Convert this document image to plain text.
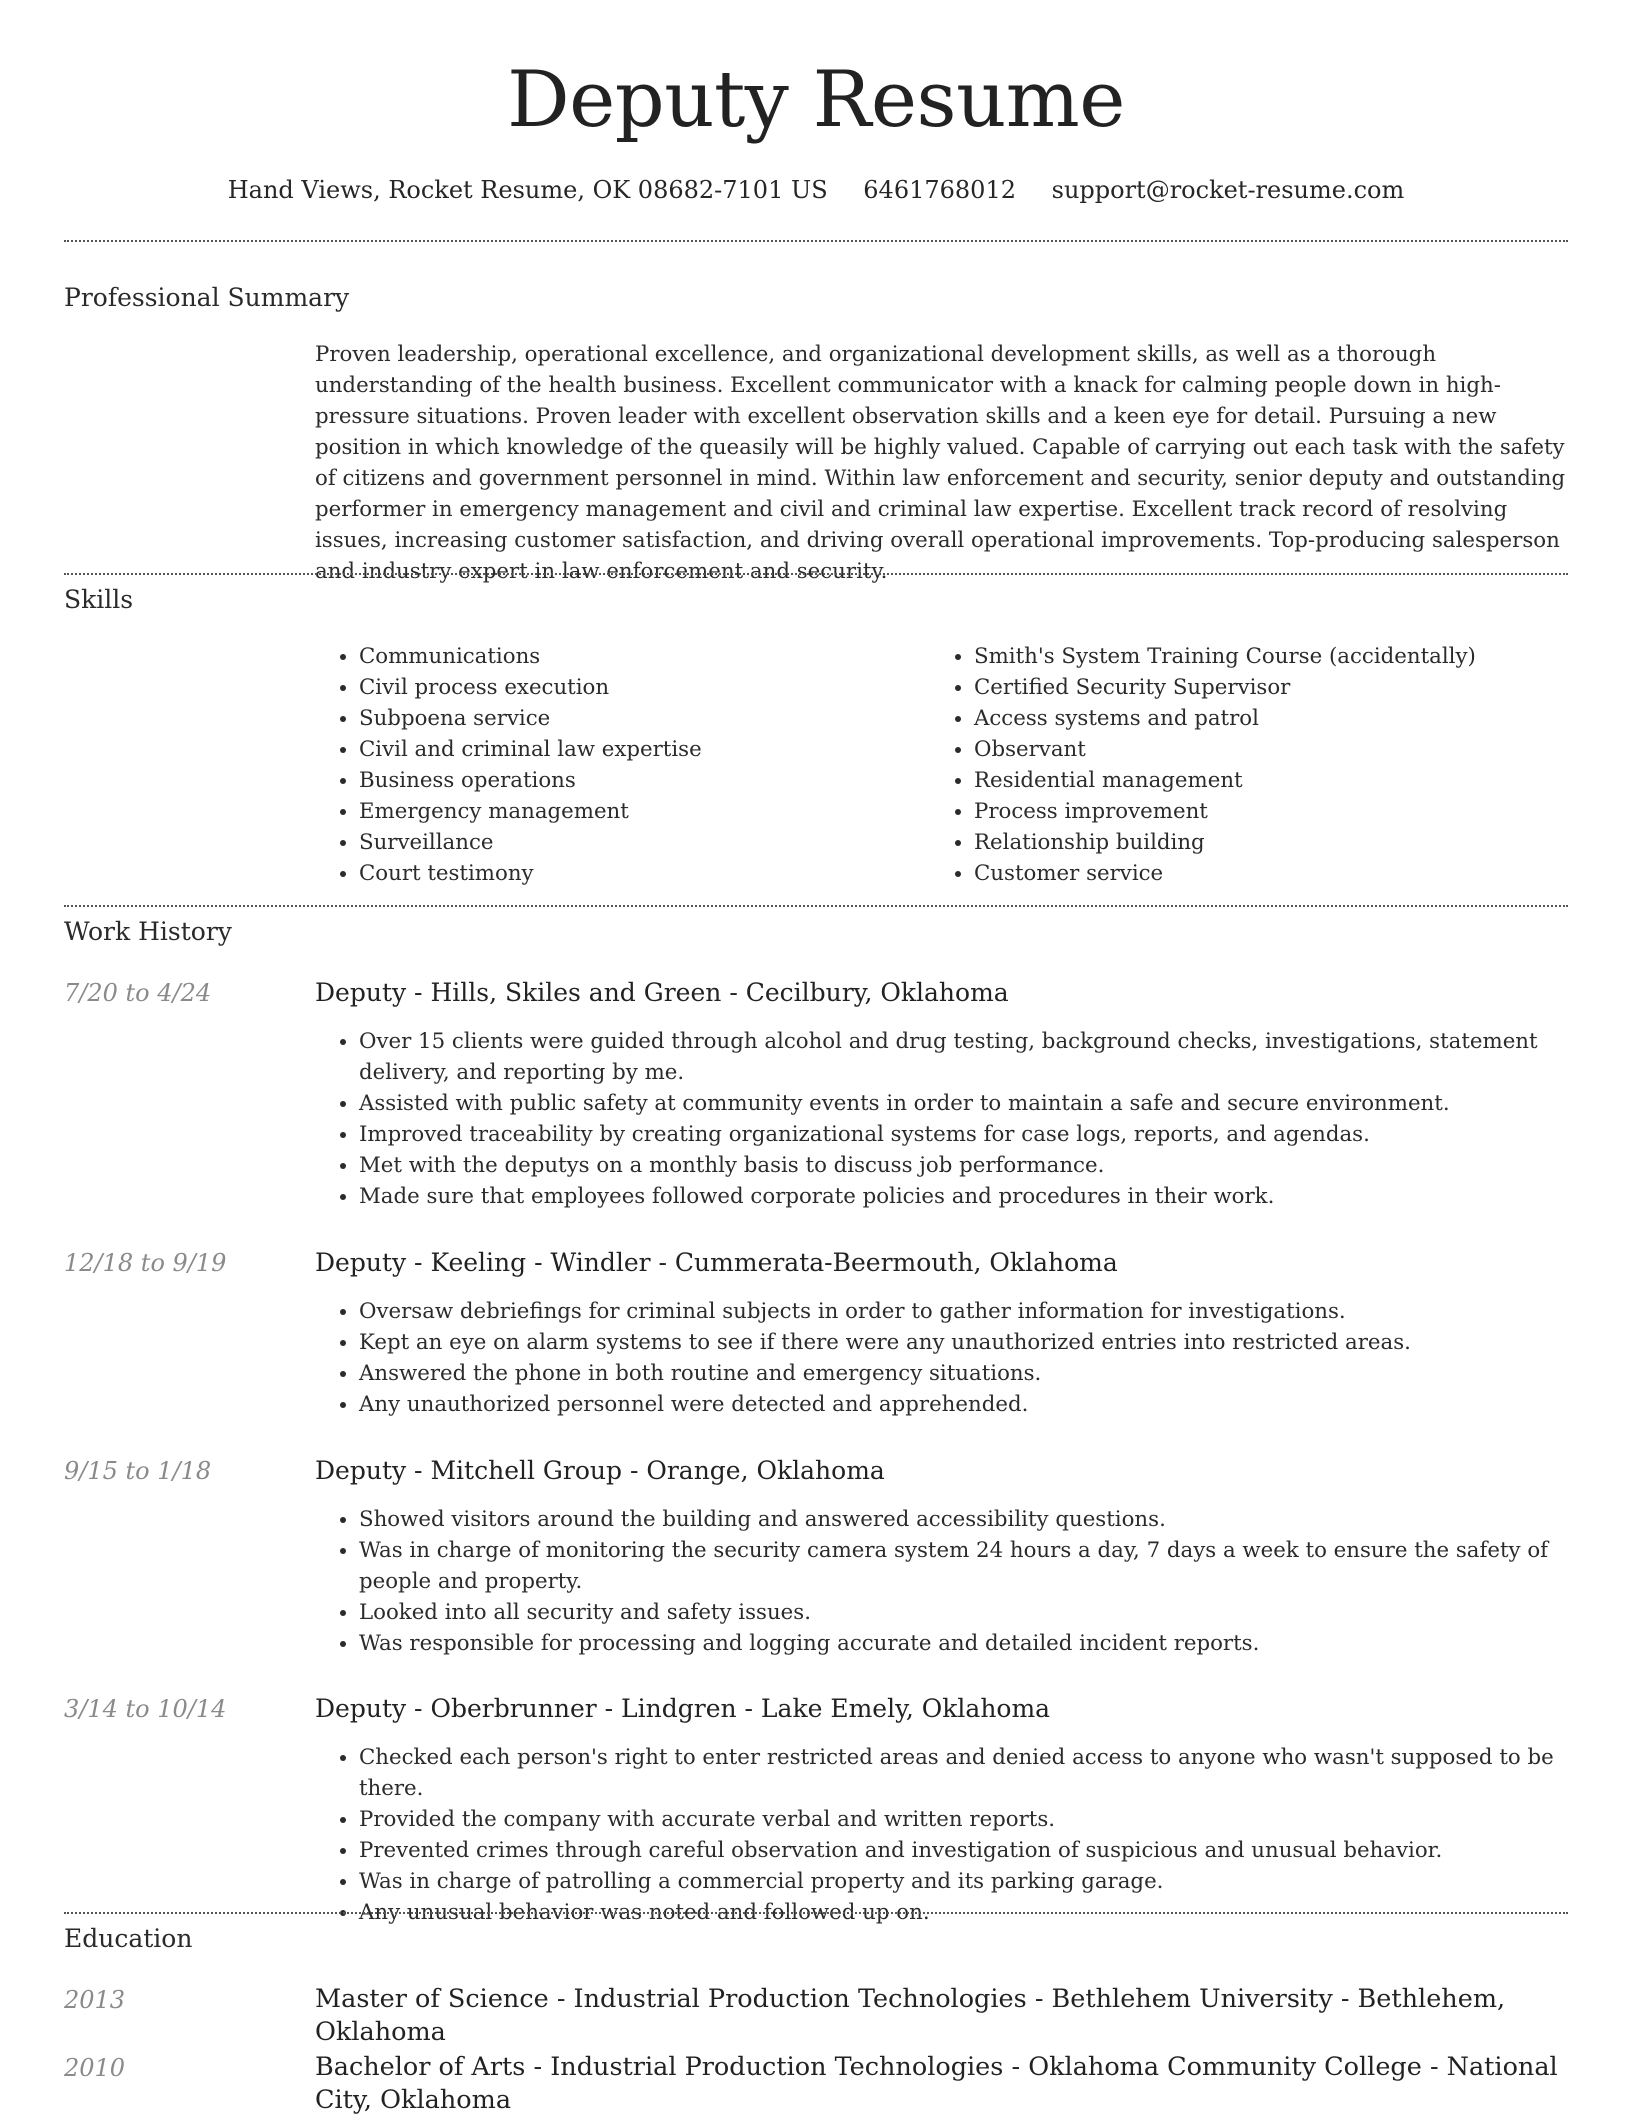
Deputy Resume
Hand Views, Rocket Resume, OK 08682-7101 US 6461768012 support@rocket-resume.com
Professional Summary

Proven leadership, operational excellence, and organizational development skills, as well as a thorough understanding of the health business. Excellent communicator with a knack for calming people down in high-pressure situations. Proven leader with excellent observation skills and a keen eye for detail. Pursuing a new position in which knowledge of the queasily will be highly valued. Capable of carrying out each task with the safety of citizens and government personnel in mind. Within law enforcement and security, senior deputy and outstanding performer in emergency management and civil and criminal law expertise. Excellent track record of resolving issues, increasing customer satisfaction, and driving overall operational improvements. Top-producing salesperson and industry expert in law enforcement and security.

Skills
• Communications
• Civil process execution
• Subpoena service
• Civil and criminal law expertise
• Business operations
• Emergency management
• Surveillance
• Court testimony
• Smith's System Training Course (accidentally)
• Certified Security Supervisor
• Access systems and patrol
• Observant
• Residential management
• Process improvement
• Relationship building
• Customer service
Work History
7/20 to 4/24	Deputy - Hills, Skiles and Green - Cecilbury, Oklahoma
• Over 15 clients were guided through alcohol and drug testing, background checks, investigations, statement delivery, and reporting by me.
• Assisted with public safety at community events in order to maintain a safe and secure environment.
• Improved traceability by creating organizational systems for case logs, reports, and agendas.
• Met with the deputys on a monthly basis to discuss job performance.
• Made sure that employees followed corporate policies and procedures in their work.
12/18 to 9/19	Deputy - Keeling - Windler - Cummerata-Beermouth, Oklahoma
• Oversaw debriefings for criminal subjects in order to gather information for investigations.
• Kept an eye on alarm systems to see if there were any unauthorized entries into restricted areas.
• Answered the phone in both routine and emergency situations.
• Any unauthorized personnel were detected and apprehended.
9/15 to 1/18	Deputy - Mitchell Group - Orange, Oklahoma
• Showed visitors around the building and answered accessibility questions.
• Was in charge of monitoring the security camera system 24 hours a day, 7 days a week to ensure the safety of people and property.
• Looked into all security and safety issues.
• Was responsible for processing and logging accurate and detailed incident reports.
3/14 to 10/14	Deputy - Oberbrunner - Lindgren - Lake Emely, Oklahoma
• Checked each person's right to enter restricted areas and denied access to anyone who wasn't supposed to be there.
• Provided the company with accurate verbal and written reports.
• Prevented crimes through careful observation and investigation of suspicious and unusual behavior.
• Was in charge of patrolling a commercial property and its parking garage.
• Any unusual behavior was noted and followed up on.
Education
2013	Master of Science - Industrial Production Technologies - Bethlehem University - Bethlehem, Oklahoma
2010	Bachelor of Arts - Industrial Production Technologies - Oklahoma Community College - National City, Oklahoma
